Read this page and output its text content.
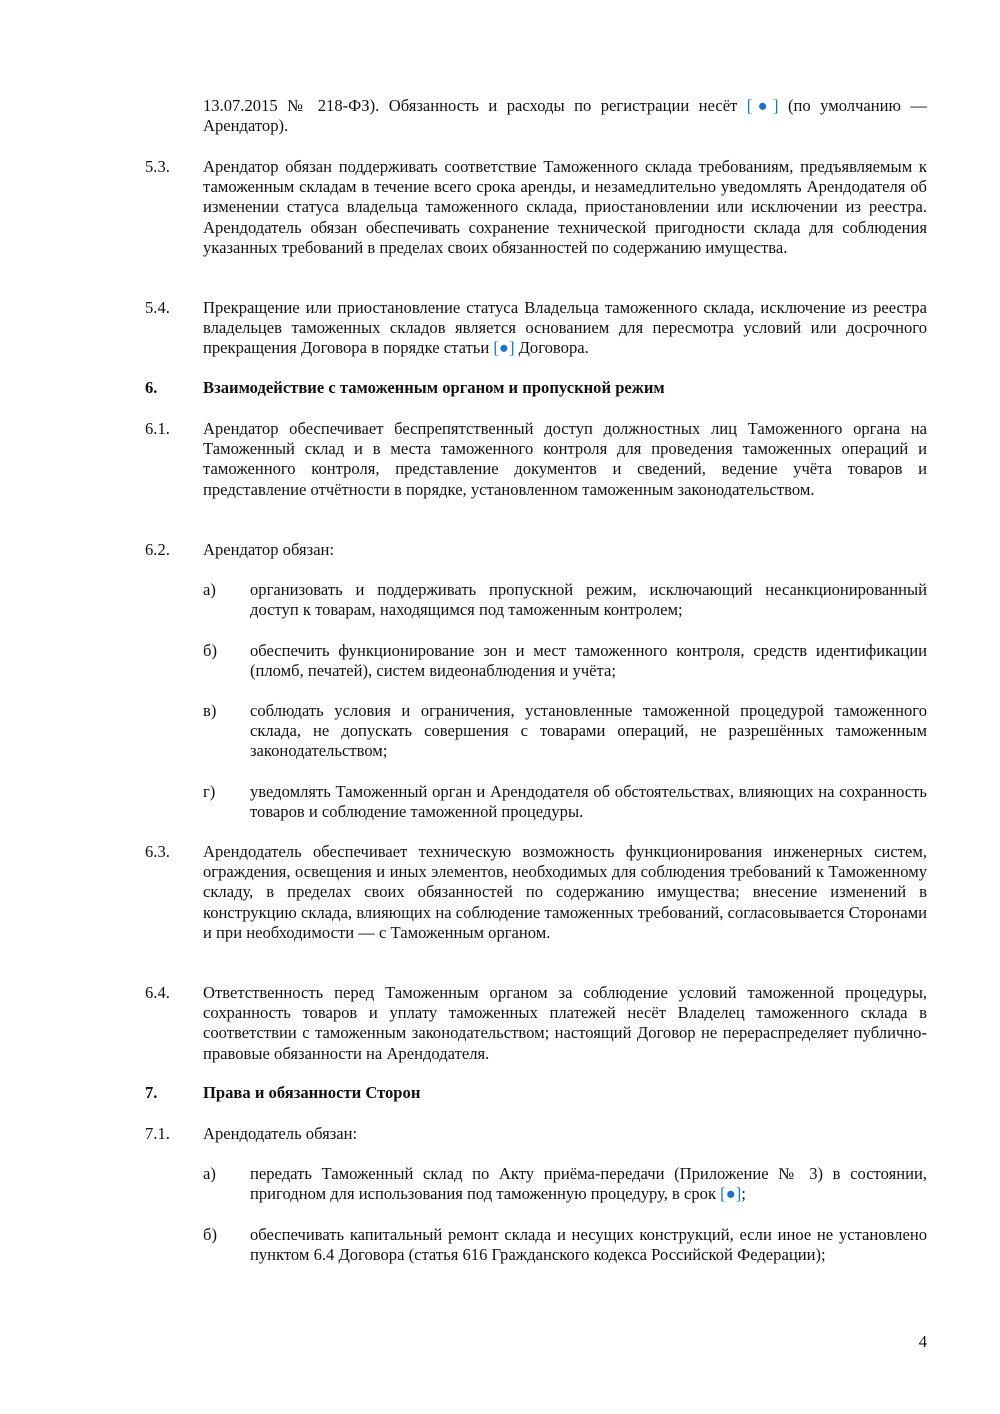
13.07.2015 № 218-ФЗ). Обязанность и расходы по регистрации несёт [●] (по умолчанию — Арендатор).
5.3. Арендатор обязан поддерживать соответствие Таможенного склада требованиям, предъявляемым к таможенным складам в течение всего срока аренды, и незамедлительно уведомлять Арендодателя об изменении статуса владельца таможенного склада, приостановлении или исключении из реестра. Арендодатель обязан обеспечивать сохранение технической пригодности склада для соблюдения указанных требований в пределах своих обязанностей по содержанию имущества.
5.4. Прекращение или приостановление статуса Владельца таможенного склада, исключение из реестра владельцев таможенных складов является основанием для пересмотра условий или досрочного прекращения Договора в порядке статьи [●] Договора.
6.	Взаимодействие с таможенным органом и пропускной режим
6.1. Арендатор обеспечивает беспрепятственный доступ должностных лиц Таможенного органа на Таможенный склад и в места таможенного контроля для проведения таможенных операций и таможенного контроля, представление документов и сведений, ведение учёта товаров и представление отчётности в порядке, установленном таможенным законодательством.
6.2. Арендатор обязан:
а) организовать и поддерживать пропускной режим, исключающий несанкционированный доступ к товарам, находящимся под таможенным контролем;
б) обеспечить функционирование зон и мест таможенного контроля, средств идентификации (пломб, печатей), систем видеонаблюдения и учёта;
в) соблюдать условия и ограничения, установленные таможенной процедурой таможенного склада, не допускать совершения с товарами операций, не разрешённых таможенным законодательством;
г) уведомлять Таможенный орган и Арендодателя об обстоятельствах, влияющих на сохранность товаров и соблюдение таможенной процедуры.
6.3. Арендодатель обеспечивает техническую возможность функционирования инженерных систем, ограждения, освещения и иных элементов, необходимых для соблюдения требований к Таможенному складу, в пределах своих обязанностей по содержанию имущества; внесение изменений в конструкцию склада, влияющих на соблюдение таможенных требований, согласовывается Сторонами и при необходимости — с Таможенным органом.
6.4. Ответственность перед Таможенным органом за соблюдение условий таможенной процедуры, сохранность товаров и уплату таможенных платежей несёт Владелец таможенного склада в соответствии с таможенным законодательством; настоящий Договор не перераспределяет публично-правовые обязанности на Арендодателя.
7.	Права и обязанности Сторон
7.1. Арендодатель обязан:
а) передать Таможенный склад по Акту приёма-передачи (Приложение № 3) в состоянии, пригодном для использования под таможенную процедуру, в срок [●];
б) обеспечивать капитальный ремонт склада и несущих конструкций, если иное не установлено пунктом 6.4 Договора (статья 616 Гражданского кодекса Российской Федерации);
4
